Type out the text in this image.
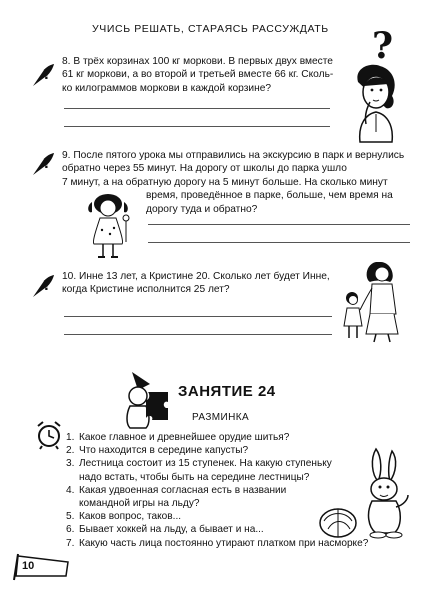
УЧИСЬ РЕШАТЬ, СТАРАЯСЬ РАССУЖДАТЬ ?
?
8. В трёх корзинах 100 кг моркови. В первых двух вместе
61 кг моркови, а во второй и третьей вместе 66 кг. Сколь-
ко килограммов моркови в каждой корзине?
?
9. После пятого урока мы отправились на экскурсию в парк и вернулись
обратно через 55 минут. На дорогу от школы до парка ушло
7 минут, а на обратную дорогу на 5 минут больше. На сколько минут
время, проведённое в парке, больше, чем время на
дорогу туда и обратно?
?
10. Инне 13 лет, а Кристине 20. Сколько лет будет Инне,
когда Кристине исполнится 25 лет?
ЗАНЯТИЕ 24
РАЗМИНКА
1. Какое главное и древнейшее орудие шитья?
2. Что находится в середине капусты?
3. Лестница состоит из 15 ступенек. На какую ступеньку
надо встать, чтобы быть на середине лестницы?
4. Какая удвоенная согласная есть в названии
командной игры на льду?
5. Каков вопрос, таков...
6. Бывает хоккей на льду, а бывает и на...
7. Какую часть лица постоянно утирают платком при насморке?
10
